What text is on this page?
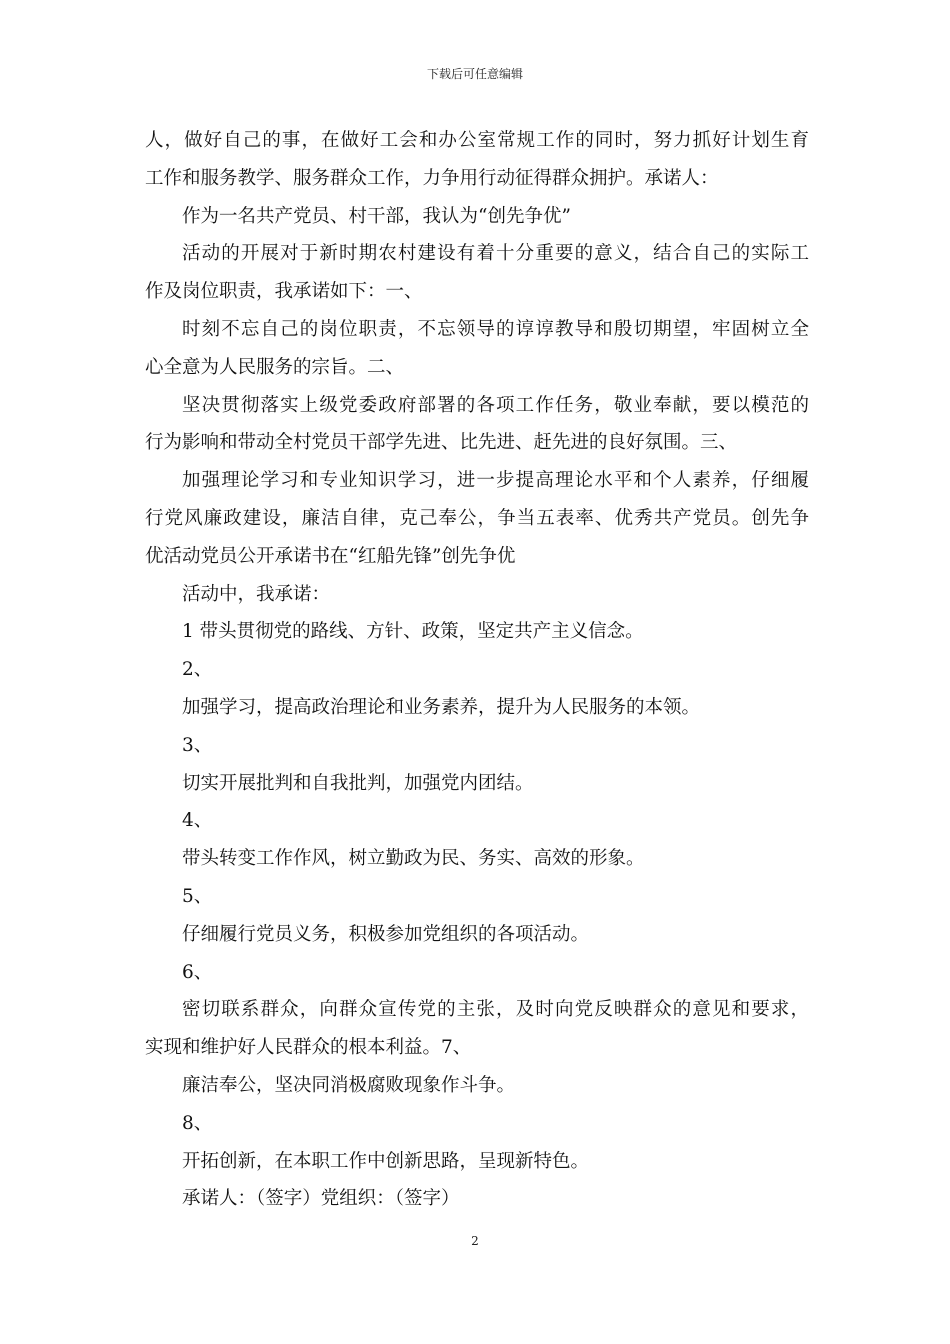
下载后可任意编辑
人，做好自己的事，在做好工会和办公室常规工作的同时，努力抓好计划生育
工作和服务教学、服务群众工作，力争用行动征得群众拥护。承诺人：
作为一名共产党员、村干部，我认为“创先争优”
活动的开展对于新时期农村建设有着十分重要的意义，结合自己的实际工
作及岗位职责，我承诺如下：一、
时刻不忘自己的岗位职责，不忘领导的谆谆教导和殷切期望，牢固树立全
心全意为人民服务的宗旨。二、
坚决贯彻落实上级党委政府部署的各项工作任务，敬业奉献，要以模范的
行为影响和带动全村党员干部学先进、比先进、赶先进的良好氛围。三、
加强理论学习和专业知识学习，进一步提高理论水平和个人素养，仔细履
行党风廉政建设，廉洁自律，克己奉公，争当五表率、优秀共产党员。创先争
优活动党员公开承诺书在“红船先锋”创先争优
活动中，我承诺：
1 带头贯彻党的路线、方针、政策，坚定共产主义信念。
2、
加强学习，提高政治理论和业务素养，提升为人民服务的本领。
3、
切实开展批判和自我批判，加强党内团结。
4、
带头转变工作作风，树立勤政为民、务实、高效的形象。
5、
仔细履行党员义务，积极参加党组织的各项活动。
6、
密切联系群众，向群众宣传党的主张，及时向党反映群众的意见和要求，
实现和维护好人民群众的根本利益。7、
廉洁奉公，坚决同消极腐败现象作斗争。
8、
开拓创新，在本职工作中创新思路，呈现新特色。
承诺人：（签字）党组织：（签字）
2
